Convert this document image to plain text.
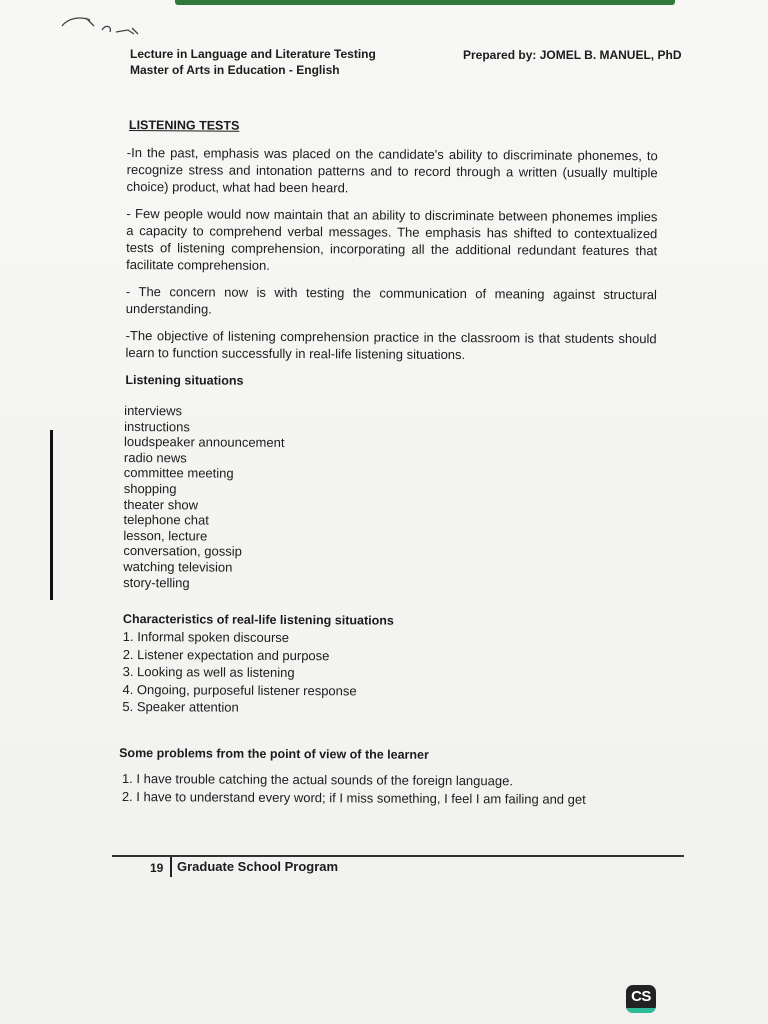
Lecture in Language and Literature Testing
Master of Arts in Education - English
Prepared by: JOMEL B. MANUEL, PhD
LISTENING TESTS

-In the past, emphasis was placed on the candidate's ability to discriminate phonemes, to recognize stress and intonation patterns and to record through a written (usually multiple choice) product, what had been heard.

- Few people would now maintain that an ability to discriminate between phonemes implies a capacity to comprehend verbal messages. The emphasis has shifted to contextualized tests of listening comprehension, incorporating all the additional redundant features that facilitate comprehension.

- The concern now is with testing the communication of meaning against structural understanding.

-The objective of listening comprehension practice in the classroom is that students should learn to function successfully in real-life listening situations.

Listening situations
interviews
instructions
loudspeaker announcement
radio news
committee meeting
shopping
theater show
telephone chat
lesson, lecture
conversation, gossip
watching television
story-telling
Characteristics of real-life listening situations
1. Informal spoken discourse
2. Listener expectation and purpose
3. Looking as well as listening
4. Ongoing, purposeful listener response
5. Speaker attention
Some problems from the point of view of the learner
1. I have trouble catching the actual sounds of the foreign language.
2. I have to understand every word; if I miss something, I feel I am failing and get
19 Graduate School Program
CS
